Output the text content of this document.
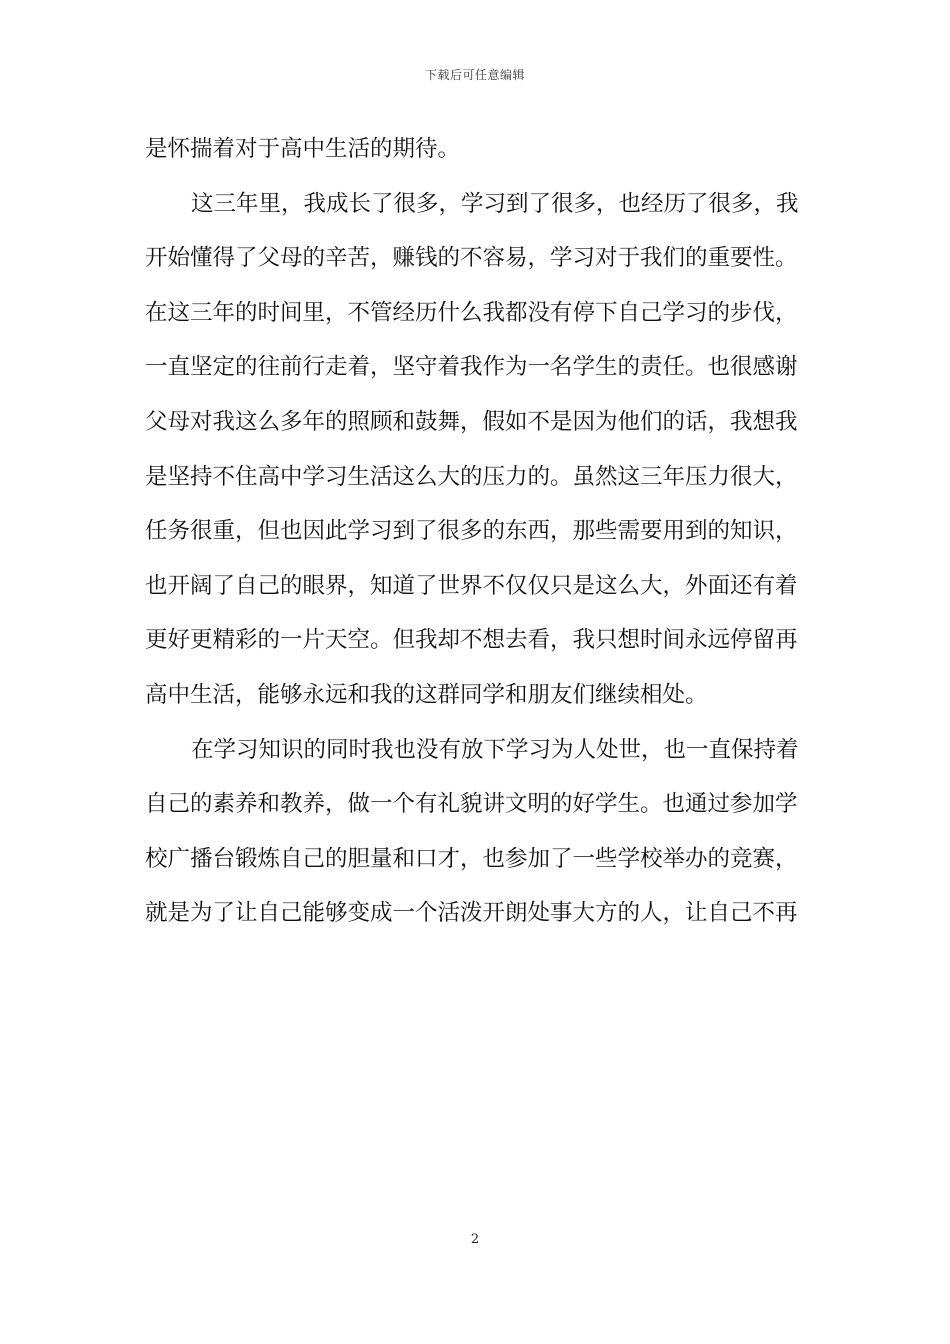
下载后可任意编辑
是怀揣着对于高中生活的期待。
这三年里，我成长了很多，学习到了很多，也经历了很多，我
开始懂得了父母的辛苦，赚钱的不容易，学习对于我们的重要性。
在这三年的时间里，不管经历什么我都没有停下自己学习的步伐，
一直坚定的往前行走着，坚守着我作为一名学生的责任。也很感谢
父母对我这么多年的照顾和鼓舞，假如不是因为他们的话，我想我
是坚持不住高中学习生活这么大的压力的。虽然这三年压力很大，
任务很重，但也因此学习到了很多的东西，那些需要用到的知识，
也开阔了自己的眼界，知道了世界不仅仅只是这么大，外面还有着
更好更精彩的一片天空。但我却不想去看，我只想时间永远停留再
高中生活，能够永远和我的这群同学和朋友们继续相处。
在学习知识的同时我也没有放下学习为人处世，也一直保持着
自己的素养和教养，做一个有礼貌讲文明的好学生。也通过参加学
校广播台锻炼自己的胆量和口才，也参加了一些学校举办的竞赛，
就是为了让自己能够变成一个活泼开朗处事大方的人，让自己不再
2
